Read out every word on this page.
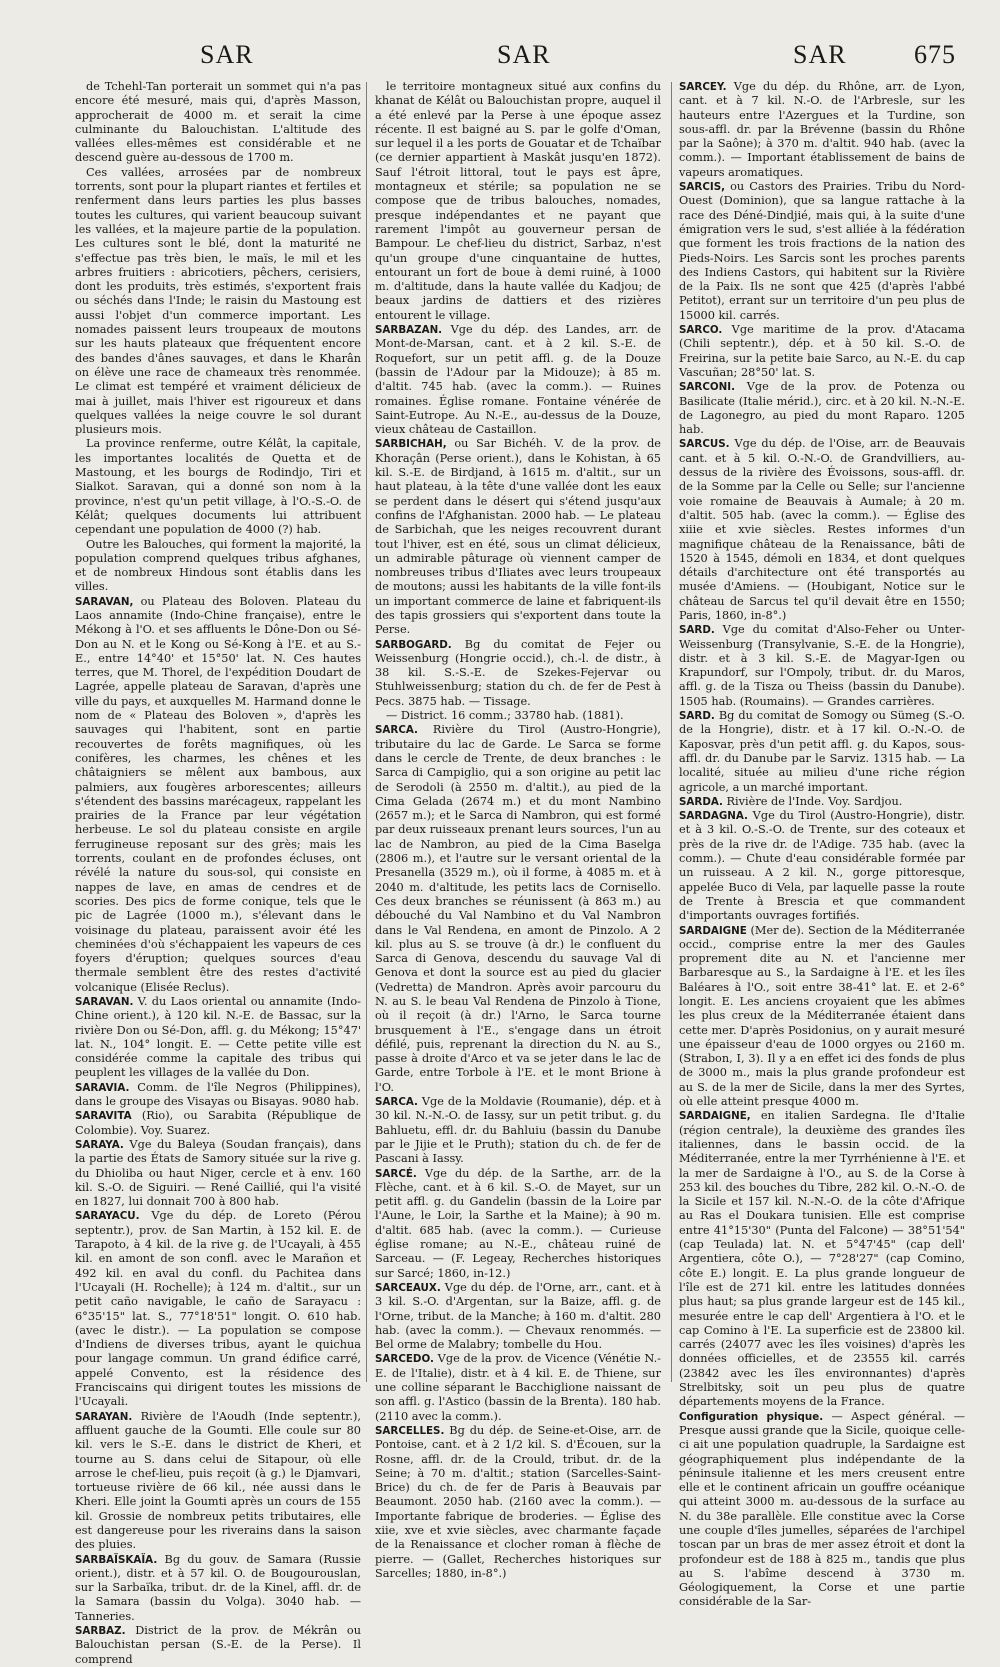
SAR	SAR	SAR	675

de Tchehl-Tan porterait un sommet qui n'a pas encore été mesuré, mais qui, d'après Masson, approcherait de 4000 m. et serait la cime culminante du Balouchistan. L'altitude des vallées elles-mêmes est considérable et ne descend guère au-dessous de 1700 m.

Ces vallées, arrosées par de nombreux torrents, sont pour la plupart riantes et fertiles et renferment dans leurs parties les plus basses toutes les cultures, qui varient beaucoup suivant les vallées, et la majeure partie de la population. Les cultures sont le blé, dont la maturité ne s'effectue pas très bien, le maïs, le mil et les arbres fruitiers : abricotiers, pêchers, cerisiers, dont les produits, très estimés, s'exportent frais ou séchés dans l'Inde; le raisin du Mastoung est aussi l'objet d'un commerce important. Les nomades paissent leurs troupeaux de moutons sur les hauts plateaux que fréquentent encore des bandes d'ânes sauvages, et dans le Kharân on élève une race de chameaux très renommée. Le climat est tempéré et vraiment délicieux de mai à juillet, mais l'hiver est rigoureux et dans quelques vallées la neige couvre le sol durant plusieurs mois.

La province renferme, outre Kélât, la capitale, les importantes localités de Quetta et de Mastoung, et les bourgs de Rodindjo, Tiri et Sialkot. Saravan, qui a donné son nom à la province, n'est qu'un petit village, à l'O.-S.-O. de Kélât; quelques documents lui attribuent cependant une population de 4000 (?) hab.

Outre les Balouches, qui forment la majorité, la population comprend quelques tribus afghanes, et de nombreux Hindous sont établis dans les villes.

SARAVAN, ou Plateau des Boloven. Plateau du Laos annamite (Indo-Chine française), entre le Mékong à l'O. et ses affluents le Dône-Don ou Sé-Don au N. et le Kong ou Sé-Kong à l'E. et au S.-E., entre 14°40' et 15°50' lat. N. Ces hautes terres, que M. Thorel, de l'expédition Doudart de Lagrée, appelle plateau de Saravan, d'après une ville du pays, et auxquelles M. Harmand donne le nom de « Plateau des Boloven », d'après les sauvages qui l'habitent, sont en partie recouvertes de forêts magnifiques, où les conifères, les charmes, les chênes et les châtaigniers se mêlent aux bambous, aux palmiers, aux fougères arborescentes; ailleurs s'étendent des bassins marécageux, rappelant les prairies de la France par leur végétation herbeuse. Le sol du plateau consiste en argile ferrugineuse reposant sur des grès; mais les torrents, coulant en de profondes écluses, ont révélé la nature du sous-sol, qui consiste en nappes de lave, en amas de cendres et de scories. Des pics de forme conique, tels que le pic de Lagrée (1000 m.), s'élevant dans le voisinage du plateau, paraissent avoir été les cheminées d'où s'échappaient les vapeurs de ces foyers d'éruption; quelques sources d'eau thermale semblent être des restes d'activité volcanique (Elisée Reclus).

SARAVAN. V. du Laos oriental ou annamite (Indo-Chine orient.), à 120 kil. N.-E. de Bassac, sur la rivière Don ou Sé-Don, affl. g. du Mékong; 15°47' lat. N., 104° longit. E. — Cette petite ville est considérée comme la capitale des tribus qui peuplent les villages de la vallée du Don.

SARAVIA. Comm. de l'île Negros (Philippines), dans le groupe des Visayas ou Bisayas. 9080 hab.

SARAVITA (Rio), ou Sarabita (République de Colombie). Voy. Suarez.

SARAYA. Vge du Baleya (Soudan français), dans la partie des États de Samory située sur la rive g. du Dhioliba ou haut Niger, cercle et à env. 160 kil. S.-O. de Siguiri. — René Caillié, qui l'a visité en 1827, lui donnait 700 à 800 hab.

SARAYACU. Vge du dép. de Loreto (Pérou septentr.), prov. de San Martin, à 152 kil. E. de Tarapoto, à 4 kil. de la rive g. de l'Ucayali, à 455 kil. en amont de son confl. avec le Marañon et 492 kil. en aval du confl. du Pachitea dans l'Ucayali (H. Rochelle); à 124 m. d'altit., sur un petit caño navigable, le caño de Sarayacu : 6°35'15" lat. S., 77°18'51" longit. O. 610 hab. (avec le distr.). — La population se compose d'Indiens de diverses tribus, ayant le quichua pour langage commun. Un grand édifice carré, appelé Convento, est la résidence des Franciscains qui dirigent toutes les missions de l'Ucayali.

SARAYAN. Rivière de l'Aoudh (Inde septentr.), affluent gauche de la Goumti. Elle coule sur 80 kil. vers le S.-E. dans le district de Kheri, et tourne au S. dans celui de Sitapour, où elle arrose le chef-lieu, puis reçoit (à g.) le Djamvari, tortueuse rivière de 66 kil., née aussi dans le Kheri. Elle joint la Goumti après un cours de 155 kil. Grossie de nombreux petits tributaires, elle est dangereuse pour les riverains dans la saison des pluies.

SARBAÏSKAÏA. Bg du gouv. de Samara (Russie orient.), distr. et à 57 kil. O. de Bougourouslan, sur la Sarbaïka, tribut. dr. de la Kinel, affl. dr. de la Samara (bassin du Volga). 3040 hab. — Tanneries.

SARBAZ. District de la prov. de Mékrân ou Balouchistan persan (S.-E. de la Perse). Il comprend

le territoire montagneux situé aux confins du khanat de Kélât ou Balouchistan propre, auquel il a été enlevé par la Perse à une époque assez récente. Il est baigné au S. par le golfe d'Oman, sur lequel il a les ports de Gouatar et de Tchaïbar (ce dernier appartient à Maskât jusqu'en 1872). Sauf l'étroit littoral, tout le pays est âpre, montagneux et stérile; sa population ne se compose que de tribus balouches, nomades, presque indépendantes et ne payant que rarement l'impôt au gouverneur persan de Bampour. Le chef-lieu du district, Sarbaz, n'est qu'un groupe d'une cinquantaine de huttes, entourant un fort de boue à demi ruiné, à 1000 m. d'altitude, dans la haute vallée du Kadjou; de beaux jardins de dattiers et des rizières entourent le village.

SARBAZAN. Vge du dép. des Landes, arr. de Mont-de-Marsan, cant. et à 2 kil. S.-E. de Roquefort, sur un petit affl. g. de la Douze (bassin de l'Adour par la Midouze); à 85 m. d'altit. 745 hab. (avec la comm.). — Ruines romaines. Église romane. Fontaine vénérée de Saint-Eutrope. Au N.-E., au-dessus de la Douze, vieux château de Castaillon.

SARBICHAH, ou Sar Bichéh. V. de la prov. de Khoraçân (Perse orient.), dans le Kohistan, à 65 kil. S.-E. de Birdjand, à 1615 m. d'altit., sur un haut plateau, à la tête d'une vallée dont les eaux se perdent dans le désert qui s'étend jusqu'aux confins de l'Afghanistan. 2000 hab. — Le plateau de Sarbichah, que les neiges recouvrent durant tout l'hiver, est en été, sous un climat délicieux, un admirable pâturage où viennent camper de nombreuses tribus d'Iliates avec leurs troupeaux de moutons; aussi les habitants de la ville font-ils un important commerce de laine et fabriquent-ils des tapis grossiers qui s'exportent dans toute la Perse.

SARBOGARD. Bg du comitat de Fejer ou Weissenburg (Hongrie occid.), ch.-l. de distr., à 38 kil. S.-S.-E. de Szekes-Fejervar ou Stuhlweissenburg; station du ch. de fer de Pest à Pecs. 3875 hab. — Tissage.

— District. 16 comm.; 33780 hab. (1881).

SARCA. Rivière du Tirol (Austro-Hongrie), tributaire du lac de Garde. Le Sarca se forme dans le cercle de Trente, de deux branches : le Sarca di Campiglio, qui a son origine au petit lac de Serodoli (à 2550 m. d'altit.), au pied de la Cima Gelada (2674 m.) et du mont Nambino (2657 m.); et le Sarca di Nambron, qui est formé par deux ruisseaux prenant leurs sources, l'un au lac de Nambron, au pied de la Cima Baselga (2806 m.), et l'autre sur le versant oriental de la Presanella (3529 m.), où il forme, à 4085 m. et à 2040 m. d'altitude, les petits lacs de Cornisello. Ces deux branches se réunissent (à 863 m.) au débouché du Val Nambino et du Val Nambron dans le Val Rendena, en amont de Pinzolo. A 2 kil. plus au S. se trouve (à dr.) le confluent du Sarca di Genova, descendu du sauvage Val di Genova et dont la source est au pied du glacier (Vedretta) de Mandron. Après avoir parcouru du N. au S. le beau Val Rendena de Pinzolo à Tione, où il reçoit (à dr.) l'Arno, le Sarca tourne brusquement à l'E., s'engage dans un étroit défilé, puis, reprenant la direction du N. au S., passe à droite d'Arco et va se jeter dans le lac de Garde, entre Torbole à l'E. et le mont Brione à l'O.

SARCA. Vge de la Moldavie (Roumanie), dép. et à 30 kil. N.-N.-O. de Iassy, sur un petit tribut. g. du Bahluetu, effl. dr. du Bahluiu (bassin du Danube par le Jijie et le Pruth); station du ch. de fer de Pascani à Iassy.

SARCÉ. Vge du dép. de la Sarthe, arr. de la Flèche, cant. et à 6 kil. S.-O. de Mayet, sur un petit affl. g. du Gandelin (bassin de la Loire par l'Aune, le Loir, la Sarthe et la Maine); à 90 m. d'altit. 685 hab. (avec la comm.). — Curieuse église romane; au N.-E., château ruiné de Sarceau. — (F. Legeay, Recherches historiques sur Sarcé; 1860, in-12.)

SARCEAUX. Vge du dép. de l'Orne, arr., cant. et à 3 kil. S.-O. d'Argentan, sur la Baize, affl. g. de l'Orne, tribut. de la Manche; à 160 m. d'altit. 280 hab. (avec la comm.). — Chevaux renommés. — Bel orme de Malabry; tombelle du Hou.

SARCEDO. Vge de la prov. de Vicence (Vénétie N.-E. de l'Italie), distr. et à 4 kil. E. de Thiene, sur une colline séparant le Bacchiglione naissant de son affl. g. l'Astico (bassin de la Brenta). 180 hab. (2110 avec la comm.).

SARCELLES. Bg du dép. de Seine-et-Oise, arr. de Pontoise, cant. et à 2 1/2 kil. S. d'Écouen, sur la Rosne, affl. dr. de la Crould, tribut. dr. de la Seine; à 70 m. d'altit.; station (Sarcelles-Saint-Brice) du ch. de fer de Paris à Beauvais par Beaumont. 2050 hab. (2160 avec la comm.). — Importante fabrique de broderies. — Église des xiie, xve et xvie siècles, avec charmante façade de la Renaissance et clocher roman à flèche de pierre. — (Gallet, Recherches historiques sur Sarcelles; 1880, in-8°.)

SARCEY. Vge du dép. du Rhône, arr. de Lyon, cant. et à 7 kil. N.-O. de l'Arbresle, sur les hauteurs entre l'Azergues et la Turdine, son sous-affl. dr. par la Brévenne (bassin du Rhône par la Saône); à 370 m. d'altit. 940 hab. (avec la comm.). — Important établissement de bains de vapeurs aromatiques.

SARCIS, ou Castors des Prairies. Tribu du Nord-Ouest (Dominion), que sa langue rattache à la race des Déné-Dindjié, mais qui, à la suite d'une émigration vers le sud, s'est alliée à la fédération que forment les trois fractions de la nation des Pieds-Noirs. Les Sarcis sont les proches parents des Indiens Castors, qui habitent sur la Rivière de la Paix. Ils ne sont que 425 (d'après l'abbé Petitot), errant sur un territoire d'un peu plus de 15000 kil. carrés.

SARCO. Vge maritime de la prov. d'Atacama (Chili septentr.), dép. et à 50 kil. S.-O. de Freirina, sur la petite baie Sarco, au N.-E. du cap Vascuñan; 28°50' lat. S.

SARCONI. Vge de la prov. de Potenza ou Basilicate (Italie mérid.), circ. et à 20 kil. N.-N.-E. de Lagonegro, au pied du mont Raparo. 1205 hab.

SARCUS. Vge du dép. de l'Oise, arr. de Beauvais cant. et à 5 kil. O.-N.-O. de Grandvilliers, au-dessus de la rivière des Évoissons, sous-affl. dr. de la Somme par la Celle ou Selle; sur l'ancienne voie romaine de Beauvais à Aumale; à 20 m. d'altit. 505 hab. (avec la comm.). — Église des xiiie et xvie siècles. Restes informes d'un magnifique château de la Renaissance, bâti de 1520 à 1545, démoli en 1834, et dont quelques détails d'architecture ont été transportés au musée d'Amiens. — (Houbigant, Notice sur le château de Sarcus tel qu'il devait être en 1550; Paris, 1860, in-8°.)

SARD. Vge du comitat d'Also-Feher ou Unter-Weissenburg (Transylvanie, S.-E. de la Hongrie), distr. et à 3 kil. S.-E. de Magyar-Igen ou Krapundorf, sur l'Ompoly, tribut. dr. du Maros, affl. g. de la Tisza ou Theiss (bassin du Danube). 1505 hab. (Roumains). — Grandes carrières.

SARD. Bg du comitat de Somogy ou Sümeg (S.-O. de la Hongrie), distr. et à 17 kil. O.-N.-O. de Kaposvar, près d'un petit affl. g. du Kapos, sous-affl. dr. du Danube par le Sarviz. 1315 hab. — La localité, située au milieu d'une riche région agricole, a un marché important.

SARDA. Rivière de l'Inde. Voy. Sardjou.

SARDAGNA. Vge du Tirol (Austro-Hongrie), distr. et à 3 kil. O.-S.-O. de Trente, sur des coteaux et près de la rive dr. de l'Adige. 735 hab. (avec la comm.). — Chute d'eau considérable formée par un ruisseau. A 2 kil. N., gorge pittoresque, appelée Buco di Vela, par laquelle passe la route de Trente à Brescia et que commandent d'importants ouvrages fortifiés.

SARDAIGNE (Mer de). Section de la Méditerranée occid., comprise entre la mer des Gaules proprement dite au N. et l'ancienne mer Barbaresque au S., la Sardaigne à l'E. et les îles Baléares à l'O., soit entre 38-41° lat. E. et 2-6° longit. E. Les anciens croyaient que les abîmes les plus creux de la Méditerranée étaient dans cette mer. D'après Posidonius, on y aurait mesuré une épaisseur d'eau de 1000 orgyes ou 2160 m. (Strabon, I, 3). Il y a en effet ici des fonds de plus de 3000 m., mais la plus grande profondeur est au S. de la mer de Sicile, dans la mer des Syrtes, où elle atteint presque 4000 m.

SARDAIGNE, en italien Sardegna. Ile d'Italie (région centrale), la deuxième des grandes îles italiennes, dans le bassin occid. de la Méditerranée, entre la mer Tyrrhénienne à l'E. et la mer de Sardaigne à l'O., au S. de la Corse à 253 kil. des bouches du Tibre, 282 kil. O.-N.-O. de la Sicile et 157 kil. N.-N.-O. de la côte d'Afrique au Ras el Doukara tunisien. Elle est comprise entre 41°15'30" (Punta del Falcone) — 38°51'54" (cap Teulada) lat. N. et 5°47'45" (cap dell' Argentiera, côte O.), — 7°28'27" (cap Comino, côte E.) longit. E. La plus grande longueur de l'île est de 271 kil. entre les latitudes données plus haut; sa plus grande largeur est de 145 kil., mesurée entre le cap dell' Argentiera à l'O. et le cap Comino à l'E. La superficie est de 23800 kil. carrés (24077 avec les îles voisines) d'après les données officielles, et de 23555 kil. carrés (23842 avec les îles environnantes) d'après Strelbitsky, soit un peu plus de quatre départements moyens de la France.

Configuration physique. — Aspect général. — Presque aussi grande que la Sicile, quoique celle-ci ait une population quadruple, la Sardaigne est géographiquement plus indépendante de la péninsule italienne et les mers creusent entre elle et le continent africain un gouffre océanique qui atteint 3000 m. au-dessous de la surface au N. du 38e parallèle. Elle constitue avec la Corse une couple d'îles jumelles, séparées de l'archipel toscan par un bras de mer assez étroit et dont la profondeur est de 188 à 825 m., tandis que plus au S. l'abîme descend à 3730 m. Géologiquement, la Corse et une partie considérable de la Sar-
